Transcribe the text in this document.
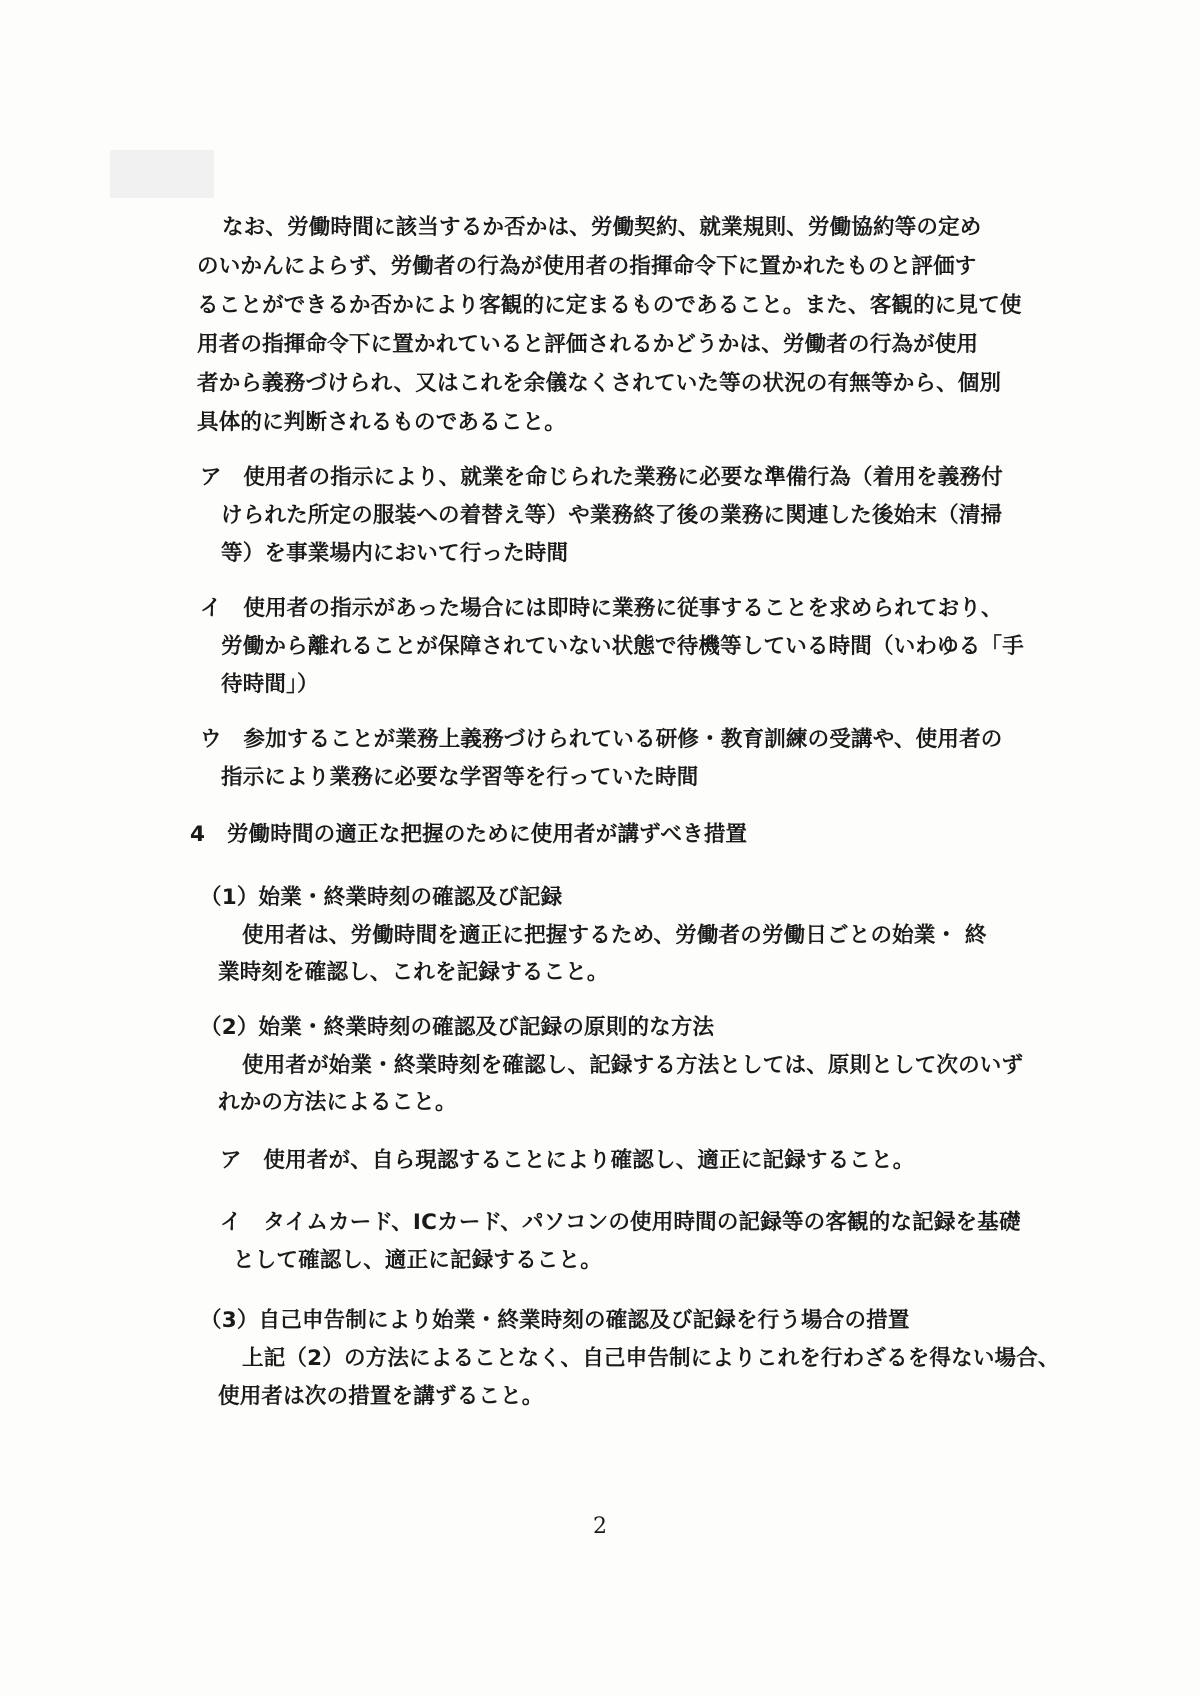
なお、労働時間に該当するか否かは、労働契約、就業規則、労働協約等の定め

のいかんによらず、労働者の行為が使用者の指揮命令下に置かれたものと評価す

ることができるか否かにより客観的に定まるものであること。また、客観的に見て使

用者の指揮命令下に置かれていると評価されるかどうかは、労働者の行為が使用

者から義務づけられ、又はこれを余儀なくされていた等の状況の有無等から、個別

具体的に判断されるものであること。

ア　使用者の指示により、就業を命じられた業務に必要な準備行為（着用を義務付

けられた所定の服装への着替え等）や業務終了後の業務に関連した後始末（清掃

等）を事業場内において行った時間

イ　使用者の指示があった場合には即時に業務に従事することを求められており、

労働から離れることが保障されていない状態で待機等している時間（いわゆる「手

待時間」）

ウ　参加することが業務上義務づけられている研修・教育訓練の受講や、使用者の

指示により業務に必要な学習等を行っていた時間

4　労働時間の適正な把握のために使用者が講ずべき措置

（1）始業・終業時刻の確認及び記録

使用者は、労働時間を適正に把握するため、労働者の労働日ごとの始業・ 終

業時刻を確認し、これを記録すること。

（2）始業・終業時刻の確認及び記録の原則的な方法

使用者が始業・終業時刻を確認し、記録する方法としては、原則として次のいず

れかの方法によること。

ア　使用者が、自ら現認することにより確認し、適正に記録すること。

イ　タイムカード、ICカード、パソコンの使用時間の記録等の客観的な記録を基礎

として確認し、適正に記録すること。

（3）自己申告制により始業・終業時刻の確認及び記録を行う場合の措置

上記（2）の方法によることなく、自己申告制によりこれを行わざるを得ない場合、

使用者は次の措置を講ずること。

2
